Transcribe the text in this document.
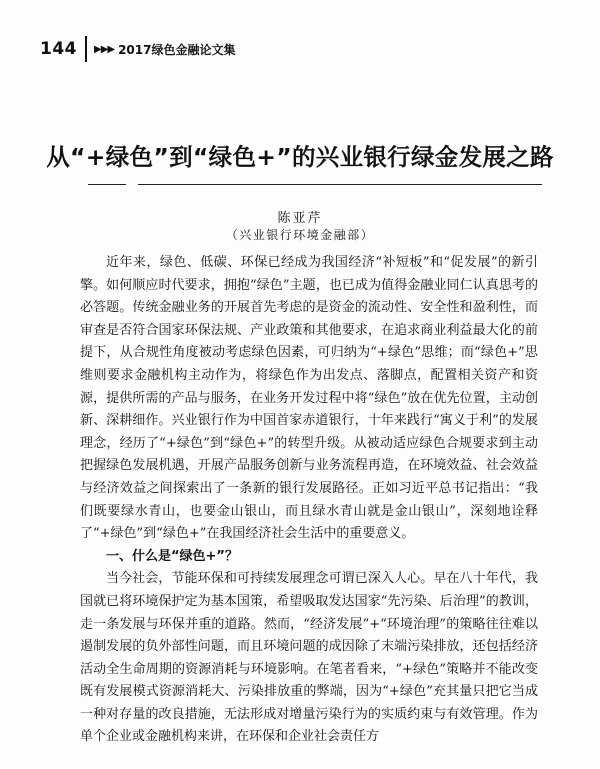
144 ▶▶▶ 2017绿色金融论文集
从“+绿色”到“绿色+”的兴业银行绿金发展之路
陈亚芹
（兴业银行环境金融部）

近年来，绿色、低碳、环保已经成为我国经济“补短板”和“促发展”的新引擎。如何顺应时代要求，拥抱“绿色”主题，也已成为值得金融业同仁认真思考的必答题。传统金融业务的开展首先考虑的是资金的流动性、安全性和盈利性，而审查是否符合国家环保法规、产业政策和其他要求，在追求商业利益最大化的前提下，从合规性角度被动考虑绿色因素，可归纳为“+绿色”思维；而“绿色+”思维则要求金融机构主动作为，将绿色作为出发点、落脚点，配置相关资产和资源，提供所需的产品与服务，在业务开发过程中将“绿色”放在优先位置，主动创新、深耕细作。兴业银行作为中国首家赤道银行，十年来践行“寓义于利”的发展理念，经历了“+绿色”到“绿色+”的转型升级。从被动适应绿色合规要求到主动把握绿色发展机遇，开展产品服务创新与业务流程再造，在环境效益、社会效益与经济效益之间探索出了一条新的银行发展路径。正如习近平总书记指出：“我们既要绿水青山，也要金山银山，而且绿水青山就是金山银山”，深刻地诠释了“+绿色”到“绿色+”在我国经济社会生活中的重要意义。

一、什么是“绿色+”？

当今社会，节能环保和可持续发展理念可谓已深入人心。早在八十年代，我国就已将环境保护定为基本国策，希望吸取发达国家“先污染、后治理”的教训，走一条发展与环保并重的道路。然而，“经济发展”+“环境治理”的策略往往难以遏制发展的负外部性问题，而且环境问题的成因除了末端污染排放，还包括经济活动全生命周期的资源消耗与环境影响。在笔者看来，“+绿色”策略并不能改变既有发展模式资源消耗大、污染排放重的弊端，因为“+绿色”充其量只把它当成一种对存量的改良措施，无法形成对增量污染行为的实质约束与有效管理。作为单个企业或金融机构来讲，在环保和企业社会责任方
